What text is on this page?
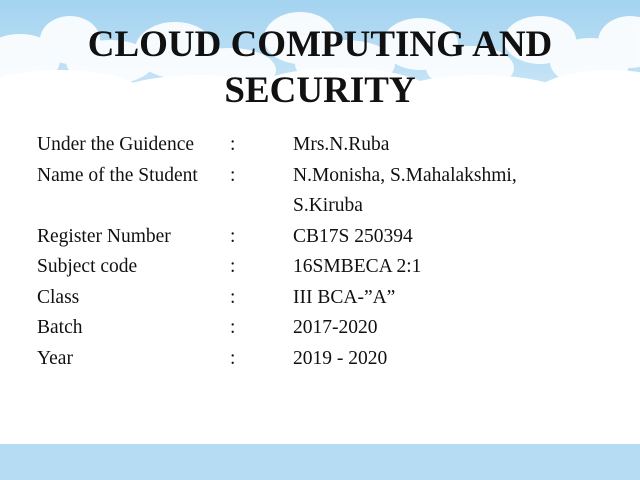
CLOUD COMPUTING AND
SECURITY
Under the Guidence	:	Mrs.N.Ruba
Name of the Student	:	N.Monisha, S.Mahalakshmi,
S.Kiruba
Register Number	:	CB17S 250394
Subject code	:	16SMBECA 2:1
Class	:	III BCA-”A”
Batch	:	2017-2020
Year	:	2019 - 2020
